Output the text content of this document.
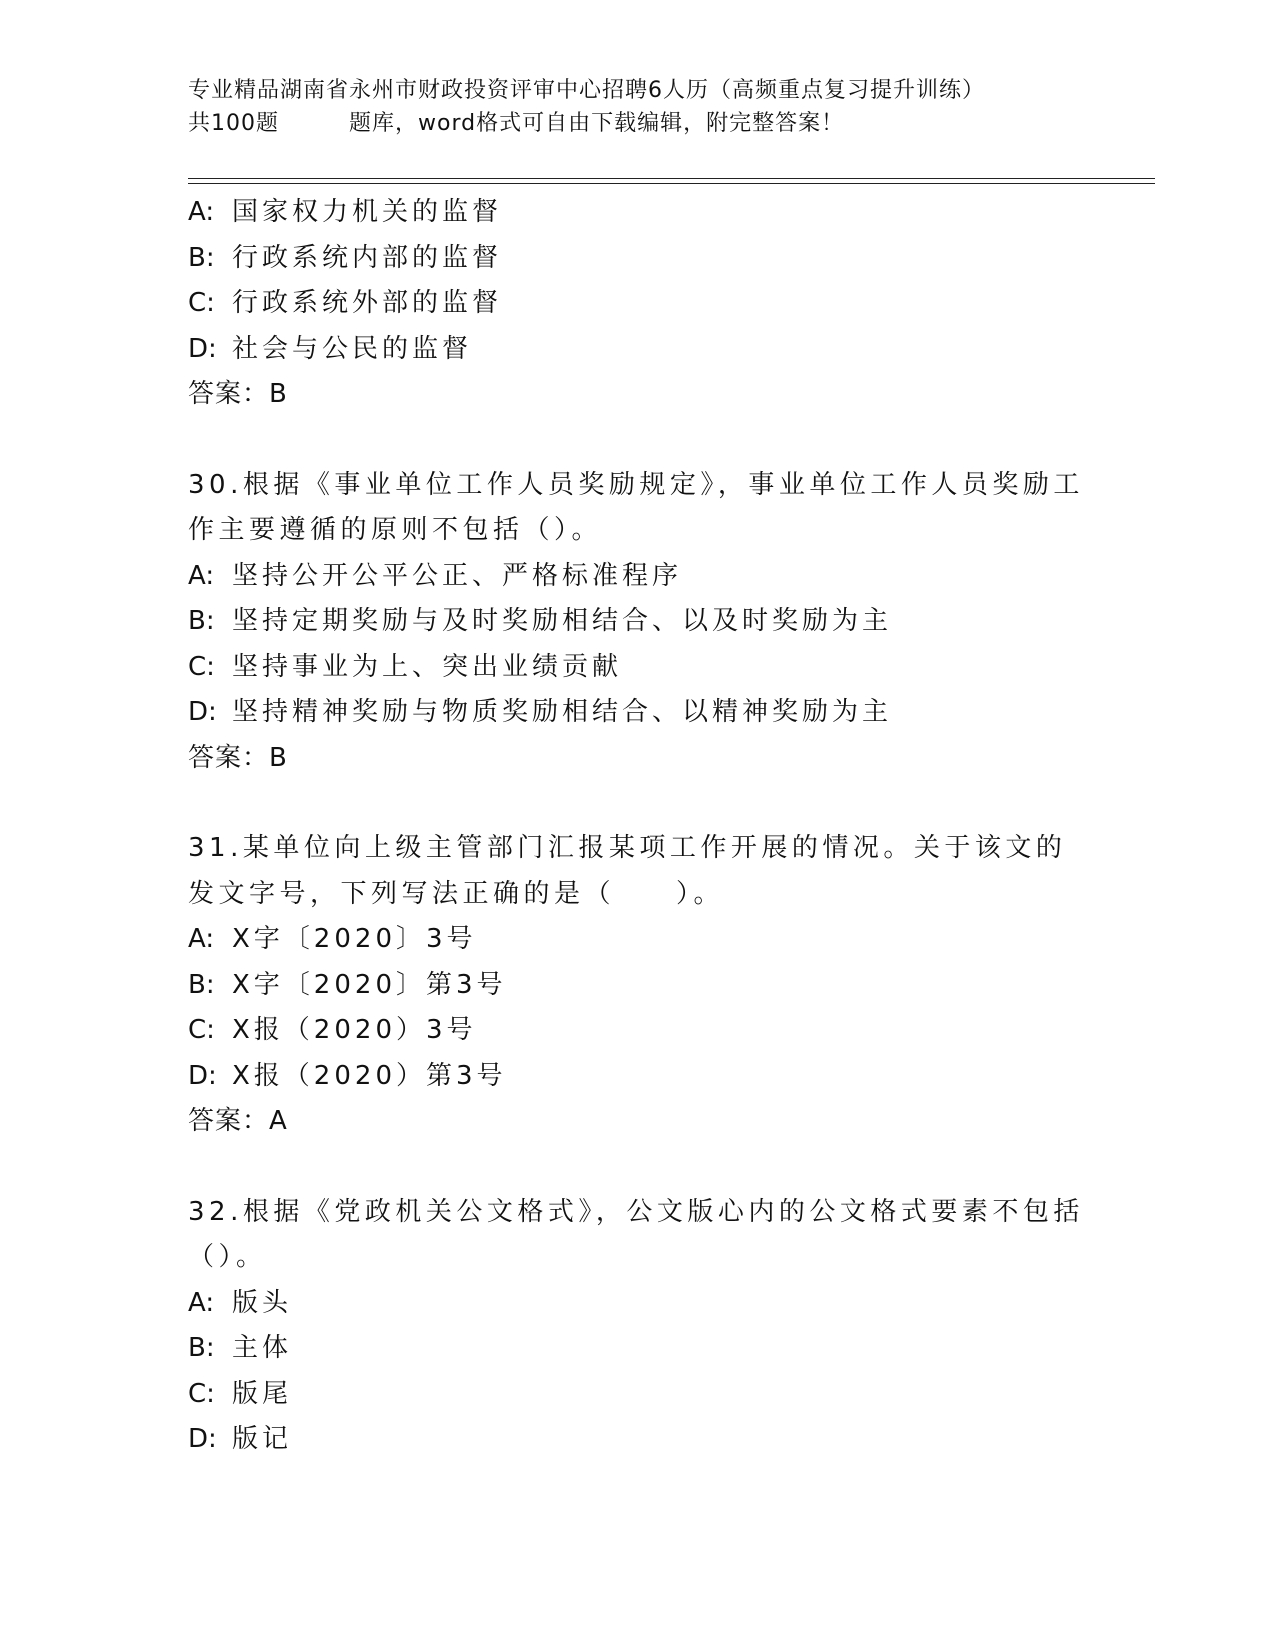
专业精品湖南省永州市财政投资评审中心招聘6人历（高频重点复习提升训练）
共100题	题库，word格式可自由下载编辑，附完整答案！
A: 国家权力机关的监督
B: 行政系统内部的监督
C: 行政系统外部的监督
D: 社会与公民的监督
答案：B
30.根据《事业单位工作人员奖励规定》，事业单位工作人员奖励工作主要遵循的原则不包括（）。
A: 坚持公开公平公正、严格标准程序
B: 坚持定期奖励与及时奖励相结合、以及时奖励为主
C: 坚持事业为上、突出业绩贡献
D: 坚持精神奖励与物质奖励相结合、以精神奖励为主
答案：B
31.某单位向上级主管部门汇报某项工作开展的情况。关于该文的发文字号，下列写法正确的是（　　）。
A: X字〔2020〕3号
B: X字〔2020〕第3号
C: X报（2020）3号
D: X报（2020）第3号
答案：A
32.根据《党政机关公文格式》，公文版心内的公文格式要素不包括（）。
A: 版头
B: 主体
C: 版尾
D: 版记
